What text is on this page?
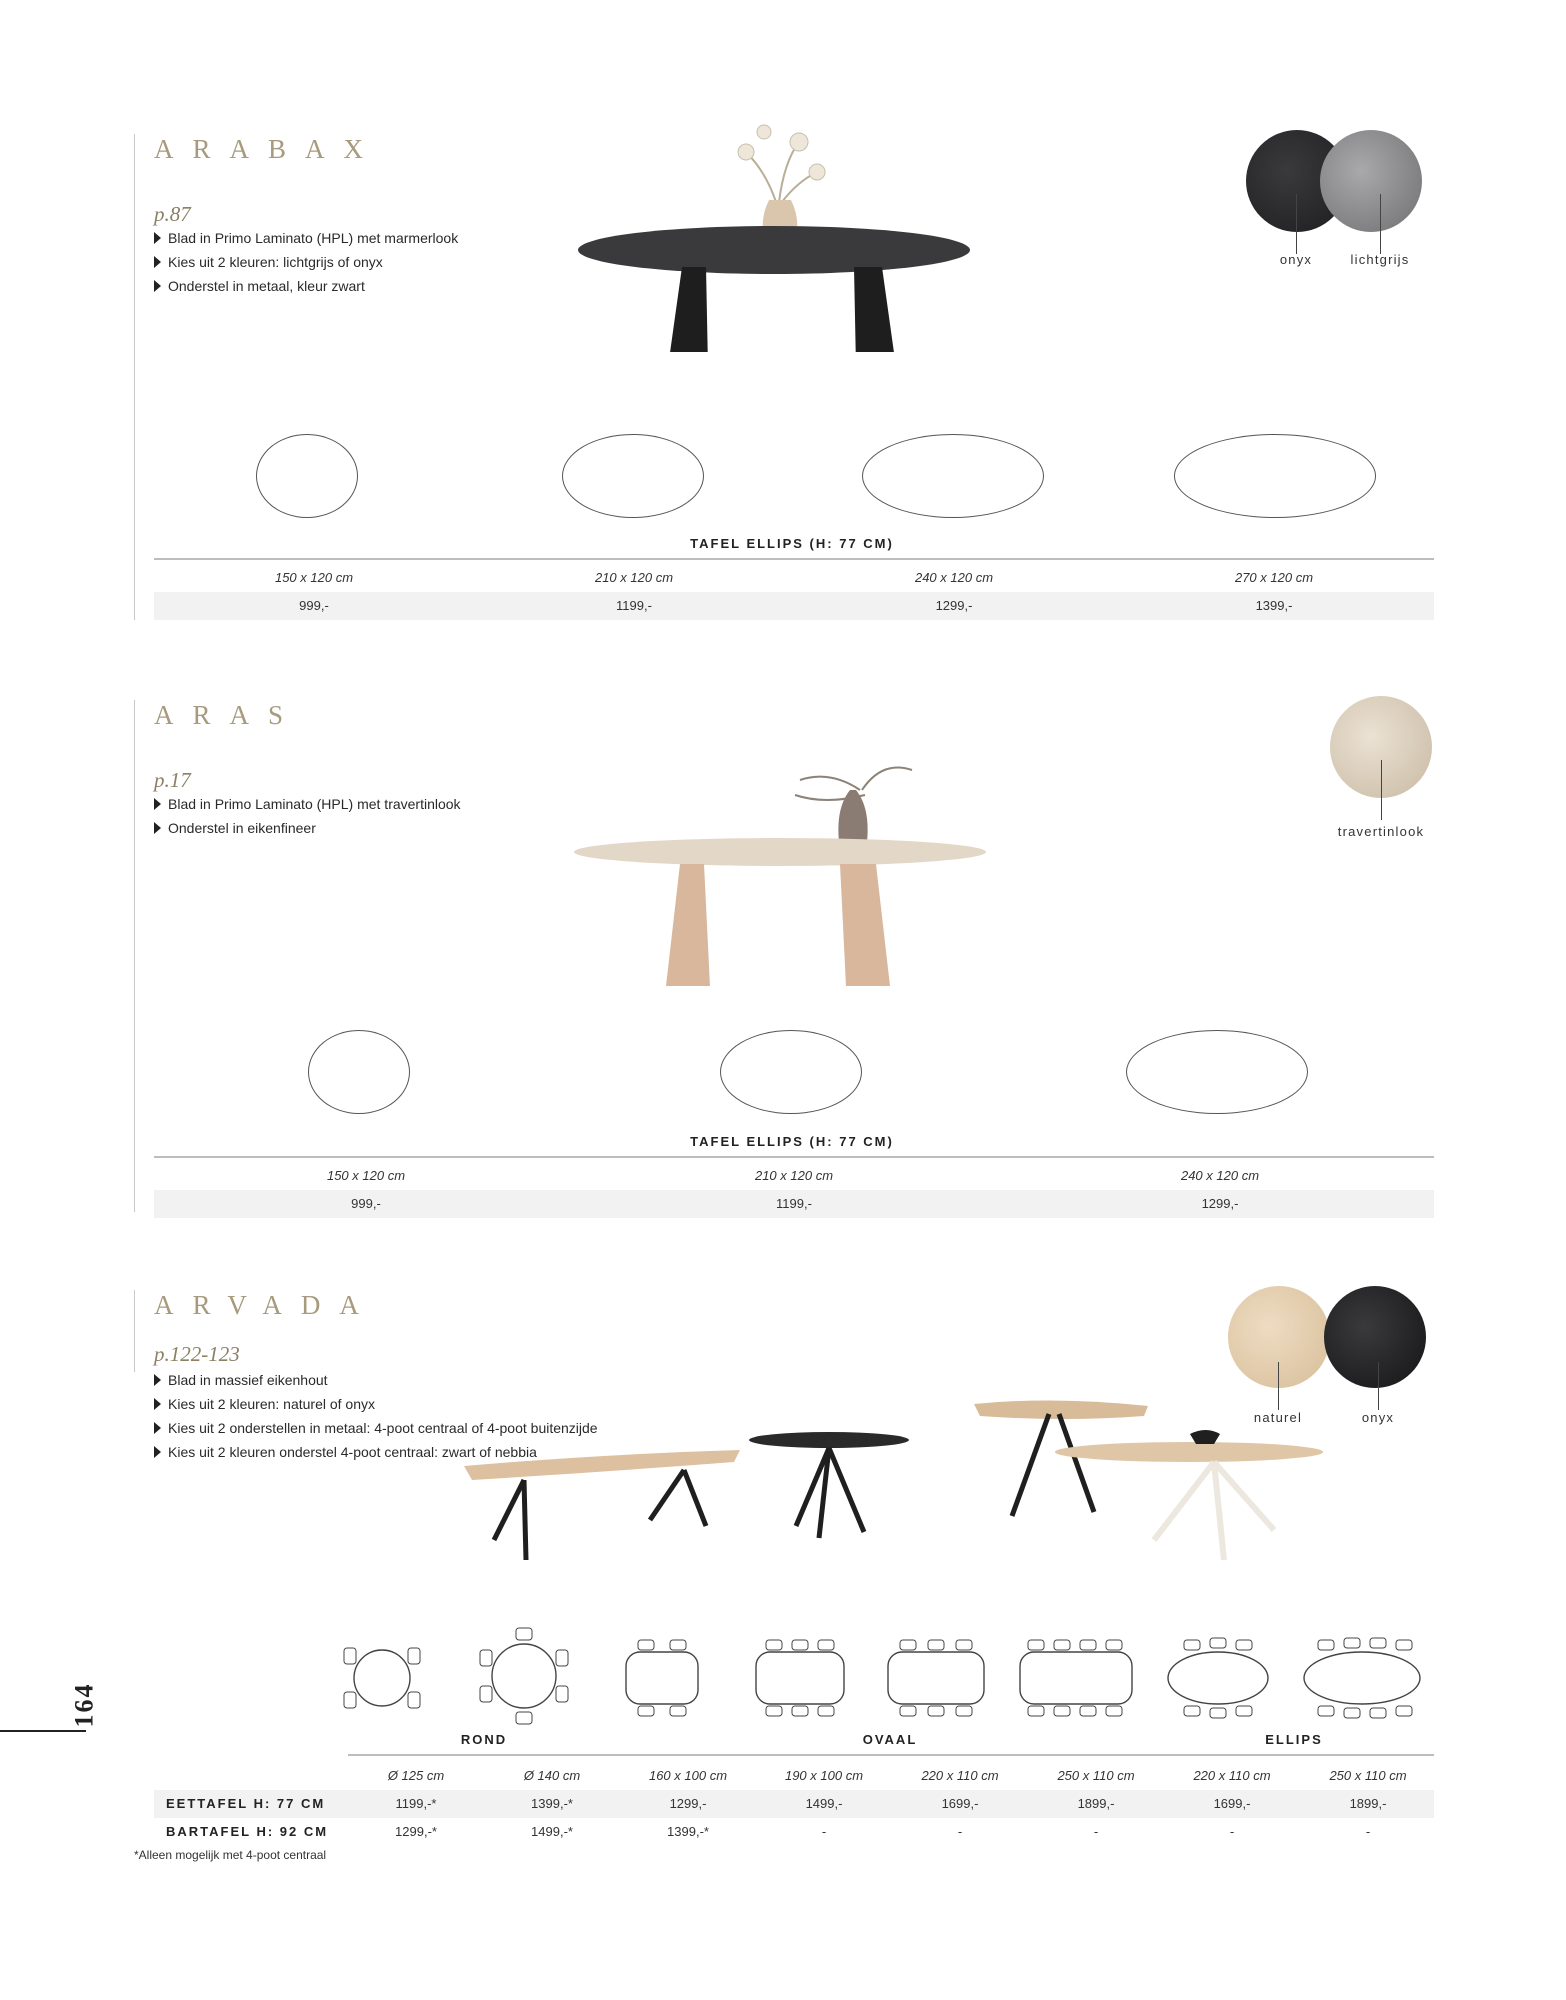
ARABAX
p.87
Blad in Primo Laminato (HPL) met marmerlook
Kies uit 2 kleuren: lichtgrijs of onyx
Onderstel in metaal, kleur zwart
onyx	lichtgrijs
TAFEL ELLIPS (H: 77 CM)
150 x 120 cm	210 x 120 cm	240 x 120 cm	270 x 120 cm
999,-	1199,-	1299,-	1399,-
ARAS
p.17
Blad in Primo Laminato (HPL) met travertinlook
Onderstel in eikenfineer	travertinlook
TAFEL ELLIPS (H: 77 CM)
150 x 120 cm	210 x 120 cm	240 x 120 cm
999,-	1199,-	1299,-
ARVADA
p.122-123
Blad in massief eikenhout
Kies uit 2 kleuren: naturel of onyx
Kies uit 2 onderstellen in metaal: 4-poot centraal of 4-poot buitenzijde
Kies uit 2 kleuren onderstel 4-poot centraal: zwart of nebbia
naturel	onyx
ROND	OVAAL	ELLIPS
Ø 125 cm	Ø 140 cm	160 x 100 cm	190 x 100 cm	220 x 110 cm	250 x 110 cm	220 x 110 cm	250 x 110 cm
EETTAFEL H: 77 CM	1199,-*	1399,-*	1299,-	1499,-	1699,-	1899,-	1699,-	1899,-
BARTAFEL H: 92 CM	1299,-*	1499,-*	1399,-*	-	-	-	-	-
164
*Alleen mogelijk met 4-poot centraal
